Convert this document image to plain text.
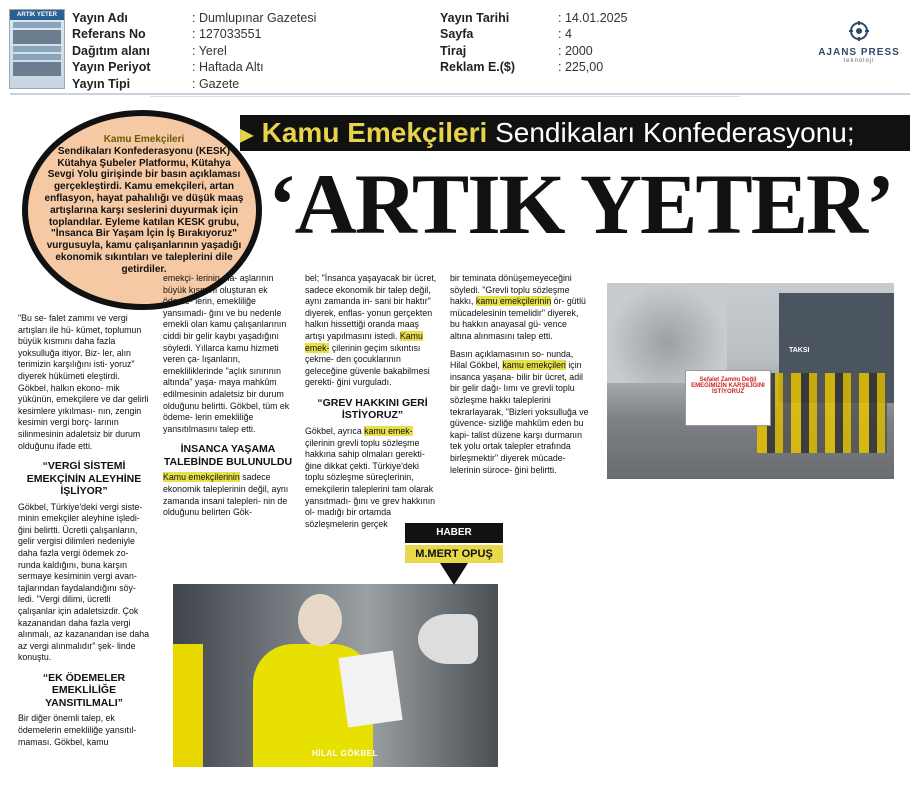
ARTIK YETER	Yayın Adı	: Dumlupınar Gazetesi
Referans No	: 127033551
Dağıtım alanı	: Yerel
Yayın Periyot	: Haftada Altı
Yayın Tipi	: Gazete
Yayın Tarihi	: 14.01.2025
Sayfa	: 4
Tiraj	: 2000
Reklam E.($)	: 225,00
AJANS PRESS
teknoloji
▶ Kamu Emekçileri Sendikaları Konfederasyonu;
‘ARTIK YETER’
Kamu Emekçileri
Sendikaları Konfederasyonu (KESK) Kütahya Şubeler Platformu, Kütahya Sevgi Yolu girişinde bir basın açıklaması gerçekleştirdi. Kamu emekçileri, artan enflasyon, hayat pahalılığı ve düşük maaş artışlarına karşı seslerini duyurmak için toplandılar. Eyleme katılan KESK grubu, "İnsanca Bir Yaşam İçin İş Bırakıyoruz" vurgusuyla, kamu çalışanlarının yaşadığı ekonomik sıkıntıları ve taleplerini dile getirdiler.

"Bu se- falet zammı ve vergi artışları ile hü- kümet, toplumun büyük kısmını daha fazla yoksulluğa itiyor. Biz- ler, alın terimizin karşılığını isti- yoruz" diyerek hükümeti eleştirdi. Gökbel, halkın ekono- mik yükünün, emekçilere ve dar gelirli kesimlere yıkılması- nın, zengin kesimin vergi borç- larının silinmesinin adaletsiz bir durum olduğunu ifade etti.

“VERGİ SİSTEMİ EMEKÇİNİN ALEYHİNE İŞLİYOR”

Gökbel, Türkiye'deki vergi siste- minin emekçiler aleyhine işledi- ğini belirtti. Ücretli çalışanların, gelir vergisi dilimleri nedeniyle daha fazla vergi ödemek zo- runda kaldığını, buna karşın sermaye kesiminin vergi avan- tajlarından faydalandığını söy- ledi. "Vergi dilimi, ücretli çalışanlar için adaletsizdir. Çok kazanandan daha fazla vergi alınmalı, az kazanandan ise daha az vergi alınmalıdır" şek- linde konuştu.

“EK ÖDEMELER EMEKLİLİĞE YANSITILMALI”

Bir diğer önemli talep, ek ödemelerin emekliliğe yansıtıl- maması. Gökbel, kamu

emekçi- lerinin ma- aşlarının büyük kısmını oluşturan ek ödeme- lerin, emekliliğe yansımadı- ğını ve bu nedenle emekli olan kamu çalışanlarının ciddi bir gelir kaybı yaşadığını söyledi. Yıllarca kamu hizmeti veren ça- lışanların, emekliliklerinde "açlık sınırının altında" yaşa- maya mahkûm edilmesinin adaletsiz bir durum olduğunu belirtti. Gökbel, tüm ek ödeme- lerin emekliliğe yansıtılmasını talep etti.

İNSANCA YAŞAMA TALEBİNDE BULUNULDU

Kamu emekçilerinin sadece ekonomik taleplerinin değil, aynı zamanda insani talepleri- nin de olduğunu belirten Gök-

bel; "İnsanca yaşayacak bir ücret, sadece ekonomik bir talep değil, aynı zamanda in- sani bir haktır" diyerek, enflas- yonun gerçekten halkın hissettiği oranda maaş artışı yapılmasını istedi. Kamu emek- çilerinin geçim sıkıntısı çekme- den çocuklarının geleceğine güvenle bakabilmesi gerekti- ğini vurguladı.

“GREV HAKKINI GERİ İSTİYORUZ”

Gökbel, ayrıca kamu emek- çilerinin grevli toplu sözleşme hakkına sahip olmaları gerekti- ğine dikkat çekti. Türkiye'deki toplu sözleşme süreçlerinin, emekçilerin taleplerini tam olarak yansıtmadı- ğını ve grev hakkının ol- madığı bir ortamda sözleşmelerin gerçek

bir teminata dönüşemeyeceğini söyledi. "Grevli toplu sözleşme hakkı, kamu emekçilerinin ör- gütlü mücadelesinin temelidir" diyerek, bu hakkın anayasal gü- vence altına alınmasını talep etti.

Basın açıklamasının so- nunda, Hilal Gökbel, kamu emekçileri için insanca yaşana- bilir bir ücret, adil bir gelir dağı- lımı ve grevli toplu sözleşme hakkı taleplerini tekrarlayarak, "Bizleri yoksulluğa ve güvence- sizliğe mahkûm eden bu kapi- talist düzene karşı durmanın tek yolu ortak talepler etrafında birleşmektir" diyerek mücade- lelerinin süroce- ğini belirtti.

TAKSI
Sefalet Zammı Değil EMEĞİMİZİN KARŞILIĞINI İSTİYORUZ
HİLAL GÖKBEL
HABER
M.MERT OPUŞ
